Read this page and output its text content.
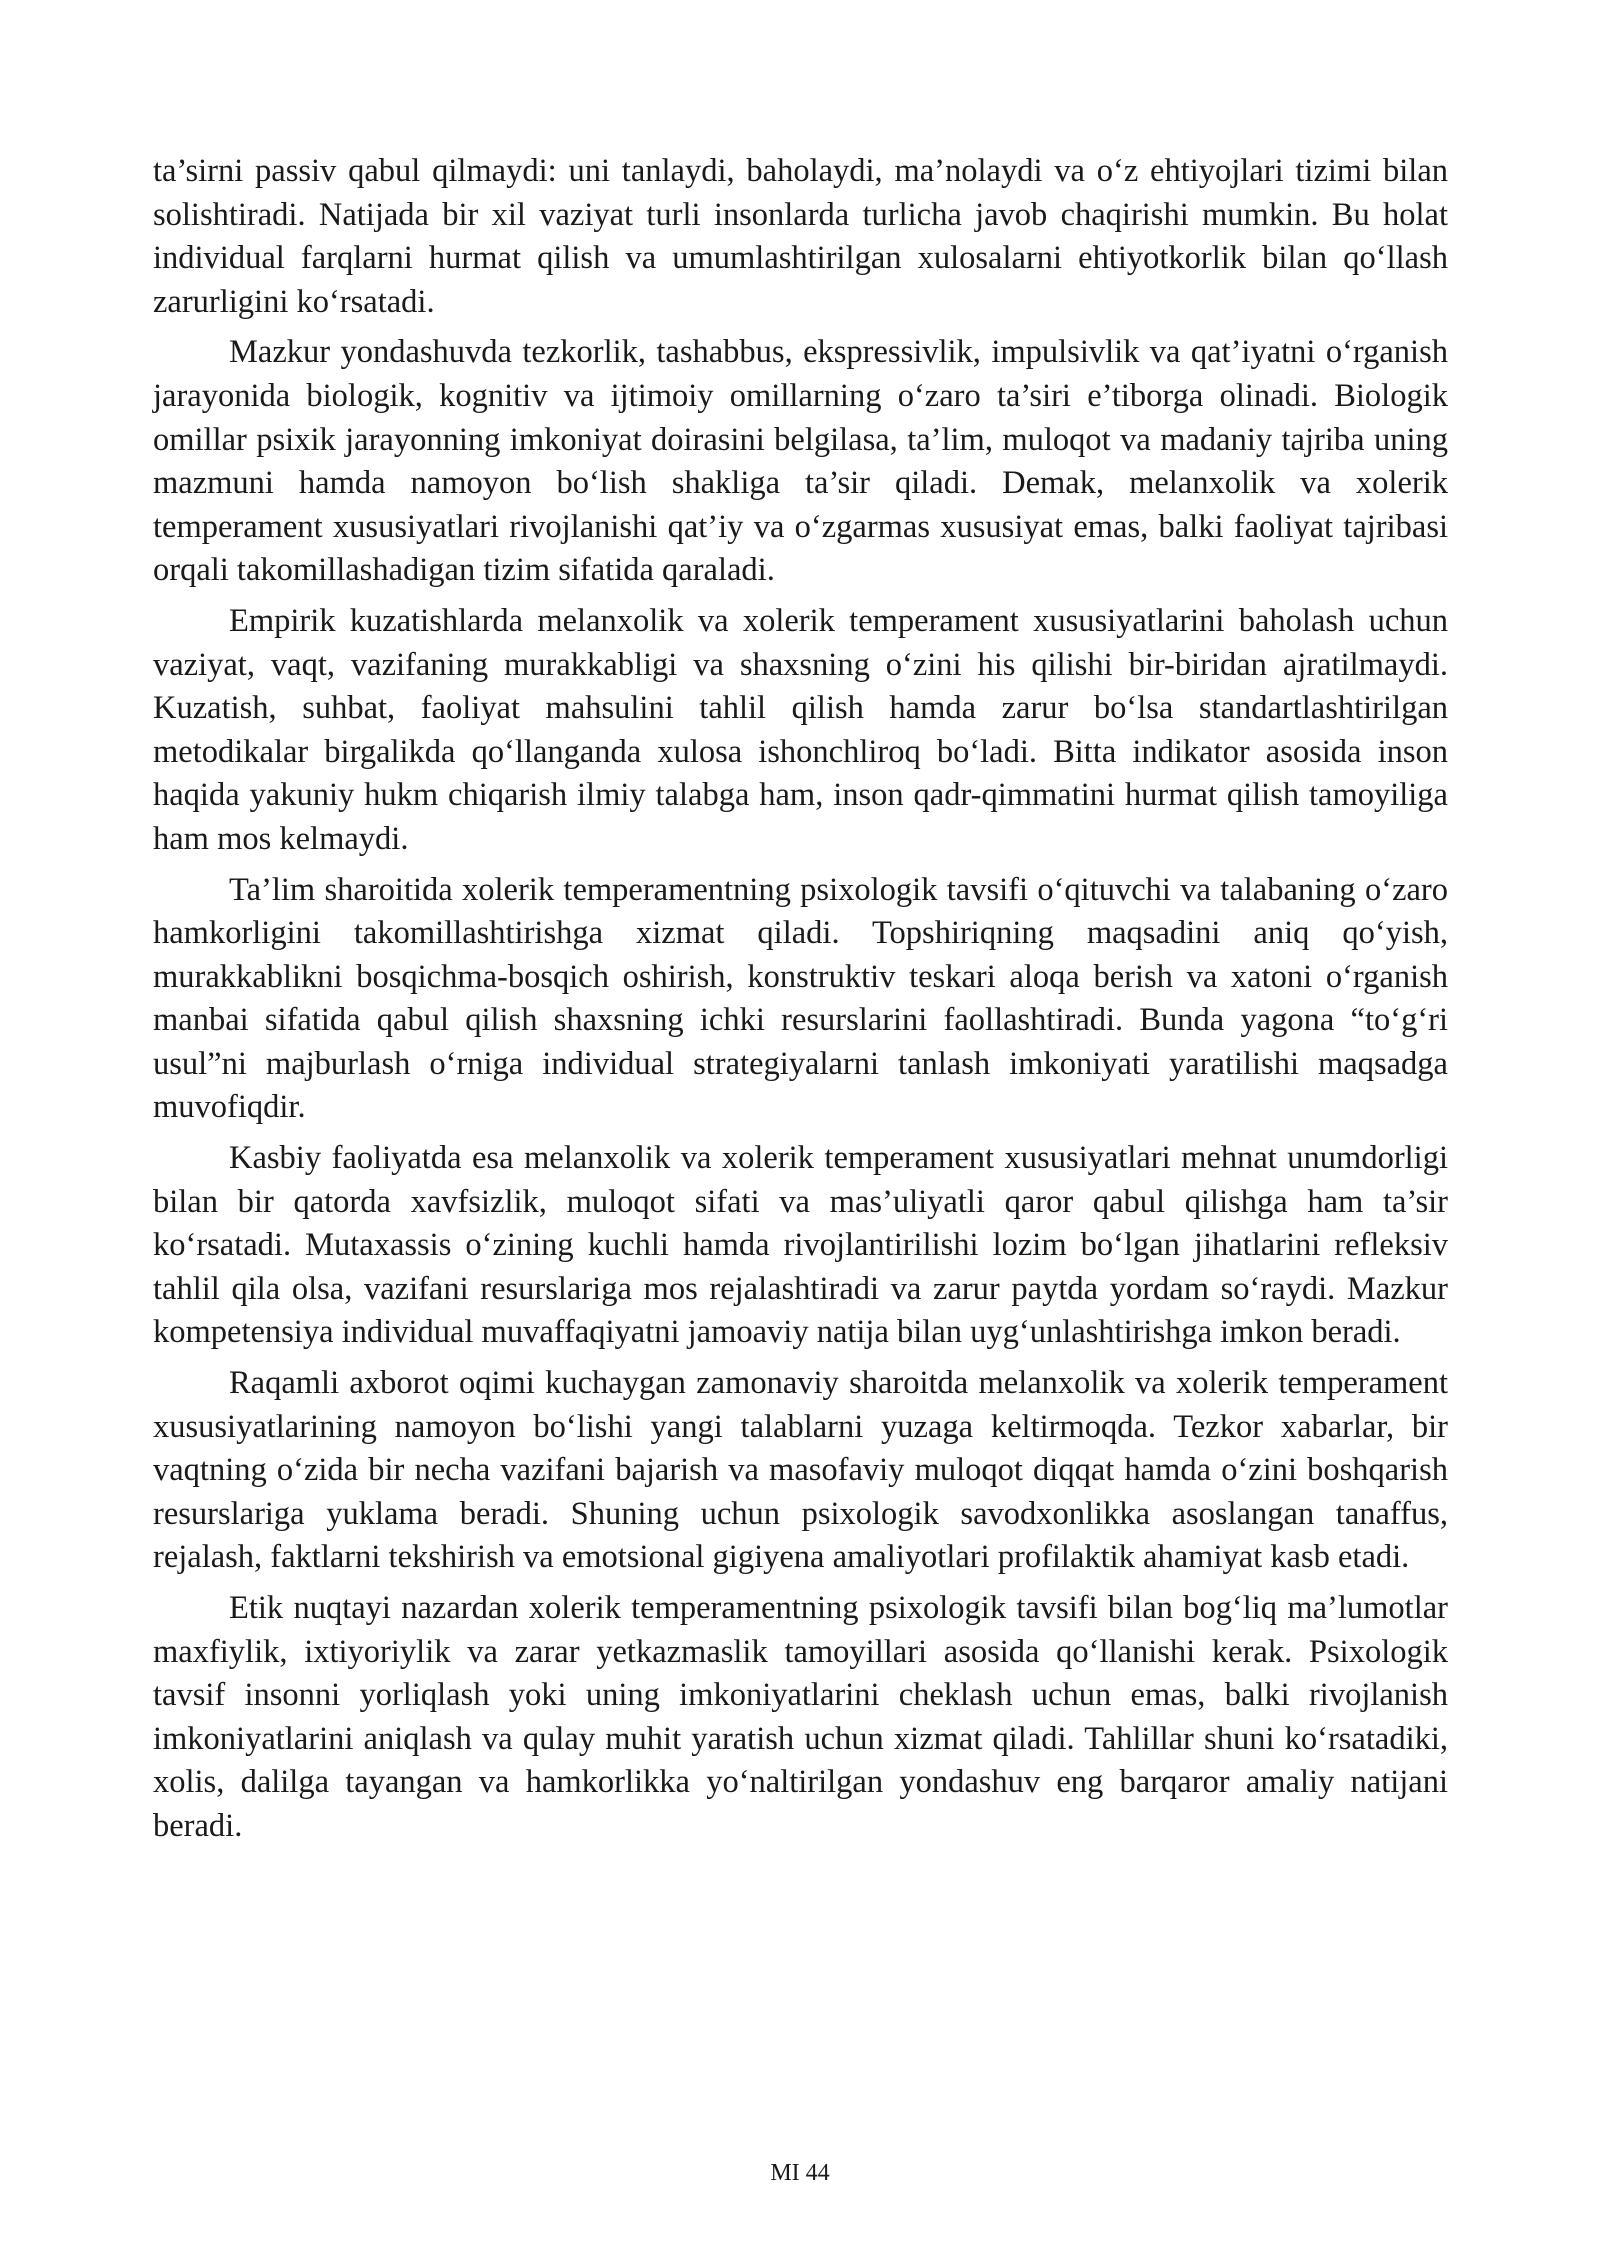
ta’sirni passiv qabul qilmaydi: uni tanlaydi, baholaydi, ma’nolaydi va o‘z ehtiyojlari tizimi bilan solishtiradi. Natijada bir xil vaziyat turli insonlarda turlicha javob chaqirishi mumkin. Bu holat individual farqlarni hurmat qilish va umumlashtirilgan xulosalarni ehtiyotkorlik bilan qo‘llash zarurligini ko‘rsatadi.

Mazkur yondashuvda tezkorlik, tashabbus, ekspressivlik, impulsivlik va qat’iyatni o‘rganish jarayonida biologik, kognitiv va ijtimoiy omillarning o‘zaro ta’siri e’tiborga olinadi. Biologik omillar psixik jarayonning imkoniyat doirasini belgilasa, ta’lim, muloqot va madaniy tajriba uning mazmuni hamda namoyon bo‘lish shakliga ta’sir qiladi. Demak, melanxolik va xolerik temperament xususiyatlari rivojlanishi qat’iy va o‘zgarmas xususiyat emas, balki faoliyat tajribasi orqali takomillashadigan tizim sifatida qaraladi.

Empirik kuzatishlarda melanxolik va xolerik temperament xususiyatlarini baholash uchun vaziyat, vaqt, vazifaning murakkabligi va shaxsning o‘zini his qilishi bir-biridan ajratilmaydi. Kuzatish, suhbat, faoliyat mahsulini tahlil qilish hamda zarur bo‘lsa standartlashtirilgan metodikalar birgalikda qo‘llanganda xulosa ishonchliroq bo‘ladi. Bitta indikator asosida inson haqida yakuniy hukm chiqarish ilmiy talabga ham, inson qadr-qimmatini hurmat qilish tamoyiliga ham mos kelmaydi.

Ta’lim sharoitida xolerik temperamentning psixologik tavsifi o‘qituvchi va talabaning o‘zaro hamkorligini takomillashtirishga xizmat qiladi. Topshiriqning maqsadini aniq qo‘yish, murakkablikni bosqichma-bosqich oshirish, konstruktiv teskari aloqa berish va xatoni o‘rganish manbai sifatida qabul qilish shaxsning ichki resurslarini faollashtiradi. Bunda yagona “to‘g‘ri usul”ni majburlash o‘rniga individual strategiyalarni tanlash imkoniyati yaratilishi maqsadga muvofiqdir.

Kasbiy faoliyatda esa melanxolik va xolerik temperament xususiyatlari mehnat unumdorligi bilan bir qatorda xavfsizlik, muloqot sifati va mas’uliyatli qaror qabul qilishga ham ta’sir ko‘rsatadi. Mutaxassis o‘zining kuchli hamda rivojlantirilishi lozim bo‘lgan jihatlarini refleksiv tahlil qila olsa, vazifani resurslariga mos rejalashtiradi va zarur paytda yordam so‘raydi. Mazkur kompetensiya individual muvaffaqiyatni jamoaviy natija bilan uyg‘unlashtirishga imkon beradi.

Raqamli axborot oqimi kuchaygan zamonaviy sharoitda melanxolik va xolerik temperament xususiyatlarining namoyon bo‘lishi yangi talablarni yuzaga keltirmoqda. Tezkor xabarlar, bir vaqtning o‘zida bir necha vazifani bajarish va masofaviy muloqot diqqat hamda o‘zini boshqarish resurslariga yuklama beradi. Shuning uchun psixologik savodxonlikka asoslangan tanaffus, rejalash, faktlarni tekshirish va emotsional gigiyena amaliyotlari profilaktik ahamiyat kasb etadi.

Etik nuqtayi nazardan xolerik temperamentning psixologik tavsifi bilan bog‘liq ma’lumotlar maxfiylik, ixtiyoriylik va zarar yetkazmaslik tamoyillari asosida qo‘llanishi kerak. Psixologik tavsif insonni yorliqlash yoki uning imkoniyatlarini cheklash uchun emas, balki rivojlanish imkoniyatlarini aniqlash va qulay muhit yaratish uchun xizmat qiladi. Tahlillar shuni ko‘rsatadiki, xolis, dalilga tayangan va hamkorlikka yo‘naltirilgan yondashuv eng barqaror amaliy natijani beradi.

MI 44
